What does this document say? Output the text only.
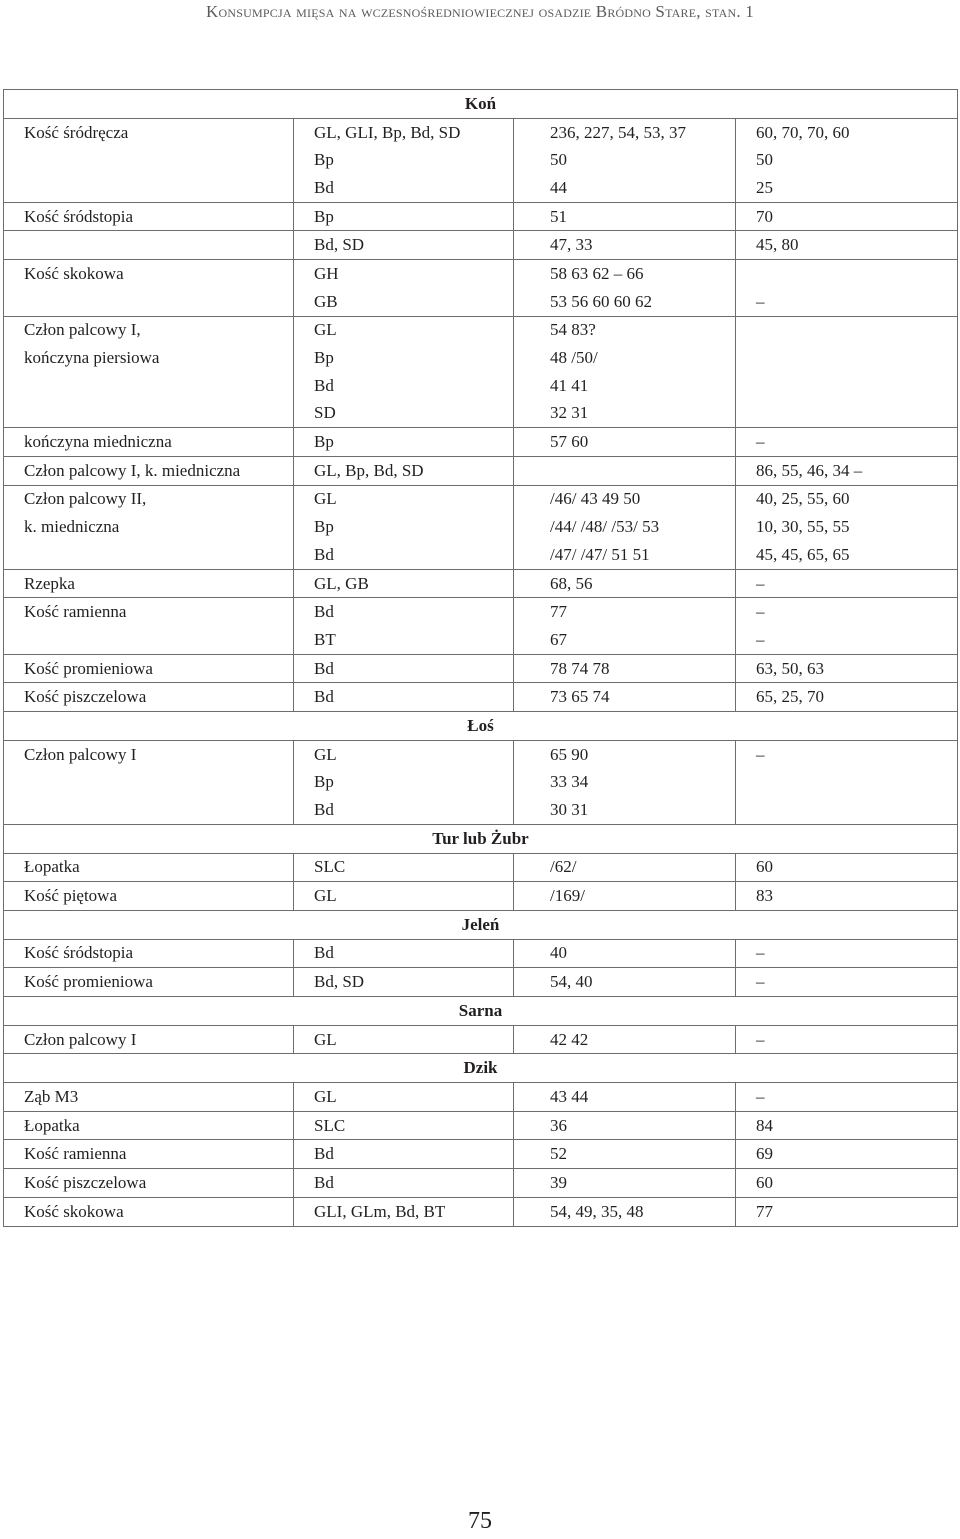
Konsumpcja mięsa na wczesnośredniowiecznej osadzie Bródno Stare, stan. 1
Koń			
Kość śródręcza	GL, GLI, Bp, Bd, SD	236, 227, 54, 53, 37	60, 70, 70, 60
	Bp	50	50
	Bd	44	25
Kość śródstopia	Bp	51	70
	Bd, SD	47, 33	45, 80
Kość skokowa	GH	58 63 62 – 66	
	GB	53 56 60 60 62	–
Człon palcowy I,	GL	54 83?	
kończyna piersiowa	Bp	48 /50/	
	Bd	41 41	
	SD	32 31	
kończyna miedniczna	Bp	57 60	–
Człon palcowy I, k. miedniczna	GL, Bp, Bd, SD		86, 55, 46, 34 –
Człon palcowy II,	GL	/46/ 43 49 50	40, 25, 55, 60
k. miedniczna	Bp	/44/ /48/ /53/ 53	10, 30, 55, 55
	Bd	/47/ /47/ 51 51	45, 45, 65, 65
Rzepka	GL, GB	68, 56	–
Kość ramienna	Bd	77	–
	BT	67	–
Kość promieniowa	Bd	78 74 78	63, 50, 63
Kość piszczelowa	Bd	73 65 74	65, 25, 70
Łoś			
Człon palcowy I	GL	65 90	–
	Bp	33 34	
	Bd	30 31	
Tur lub Żubr			
Łopatka	SLC	/62/	60
Kość piętowa	GL	/169/	83
Jeleń			
Kość śródstopia	Bd	40	–
Kość promieniowa	Bd, SD	54, 40	–
Sarna			
Człon palcowy I	GL	42 42	–
Dzik			
Ząb M3	GL	43 44	–
Łopatka	SLC	36	84
Kość ramienna	Bd	52	69
Kość piszczelowa	Bd	39	60
Kość skokowa	GLI, GLm, Bd, BT	54, 49, 35, 48	77
75
